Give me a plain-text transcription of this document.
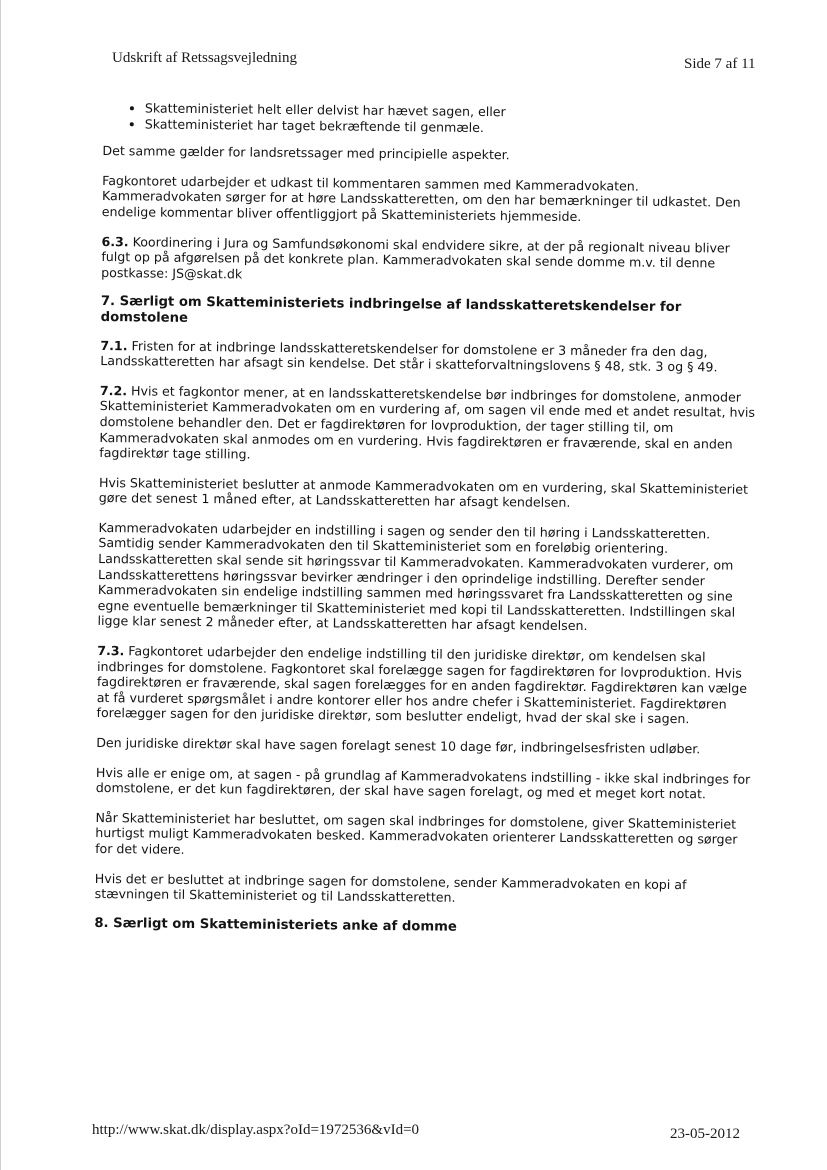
Udskrift af Retssagsvejledning	Side 7 af 11
• Skatteministeriet helt eller delvist har hævet sagen, eller
• Skatteministeriet har taget bekræftende til genmæle.

Det samme gælder for landsretssager med principielle aspekter.

Fagkontoret udarbejder et udkast til kommentaren sammen med Kammeradvokaten. Kammeradvokaten sørger for at høre Landsskatteretten, om den har bemærkninger til udkastet. Den endelige kommentar bliver offentliggjort på Skatteministeriets hjemmeside.

6.3. Koordinering i Jura og Samfundsøkonomi skal endvidere sikre, at der på regionalt niveau bliver fulgt op på afgørelsen på det konkrete plan. Kammeradvokaten skal sende domme m.v. til denne postkasse: JS@skat.dk

7. Særligt om Skatteministeriets indbringelse af landsskatteretskendelser for domstolene

7.1. Fristen for at indbringe landsskatteretskendelser for domstolene er 3 måneder fra den dag, Landsskatteretten har afsagt sin kendelse. Det står i skatteforvaltningslovens § 48, stk. 3 og § 49.

7.2. Hvis et fagkontor mener, at en landsskatteretskendelse bør indbringes for domstolene, anmoder Skatteministeriet Kammeradvokaten om en vurdering af, om sagen vil ende med et andet resultat, hvis domstolene behandler den. Det er fagdirektøren for lovproduktion, der tager stilling til, om Kammeradvokaten skal anmodes om en vurdering. Hvis fagdirektøren er fraværende, skal en anden fagdirektør tage stilling.

Hvis Skatteministeriet beslutter at anmode Kammeradvokaten om en vurdering, skal Skatteministeriet gøre det senest 1 måned efter, at Landsskatteretten har afsagt kendelsen.

Kammeradvokaten udarbejder en indstilling i sagen og sender den til høring i Landsskatteretten. Samtidig sender Kammeradvokaten den til Skatteministeriet som en foreløbig orientering. Landsskatteretten skal sende sit høringssvar til Kammeradvokaten. Kammeradvokaten vurderer, om Landsskatterettens høringssvar bevirker ændringer i den oprindelige indstilling. Derefter sender Kammeradvokaten sin endelige indstilling sammen med høringssvaret fra Landsskatteretten og sine egne eventuelle bemærkninger til Skatteministeriet med kopi til Landsskatteretten. Indstillingen skal ligge klar senest 2 måneder efter, at Landsskatteretten har afsagt kendelsen.

7.3. Fagkontoret udarbejder den endelige indstilling til den juridiske direktør, om kendelsen skal indbringes for domstolene. Fagkontoret skal forelægge sagen for fagdirektøren for lovproduktion. Hvis fagdirektøren er fraværende, skal sagen forelægges for en anden fagdirektør. Fagdirektøren kan vælge at få vurderet spørgsmålet i andre kontorer eller hos andre chefer i Skatteministeriet. Fagdirektøren forelægger sagen for den juridiske direktør, som beslutter endeligt, hvad der skal ske i sagen.

Den juridiske direktør skal have sagen forelagt senest 10 dage før, indbringelsesfristen udløber.

Hvis alle er enige om, at sagen - på grundlag af Kammeradvokatens indstilling - ikke skal indbringes for domstolene, er det kun fagdirektøren, der skal have sagen forelagt, og med et meget kort notat.

Når Skatteministeriet har besluttet, om sagen skal indbringes for domstolene, giver Skatteministeriet hurtigst muligt Kammeradvokaten besked. Kammeradvokaten orienterer Landsskatteretten og sørger for det videre.

Hvis det er besluttet at indbringe sagen for domstolene, sender Kammeradvokaten en kopi af stævningen til Skatteministeriet og til Landsskatteretten.

8. Særligt om Skatteministeriets anke af domme
http://www.skat.dk/display.aspx?oId=1972536&vId=0	23-05-2012
